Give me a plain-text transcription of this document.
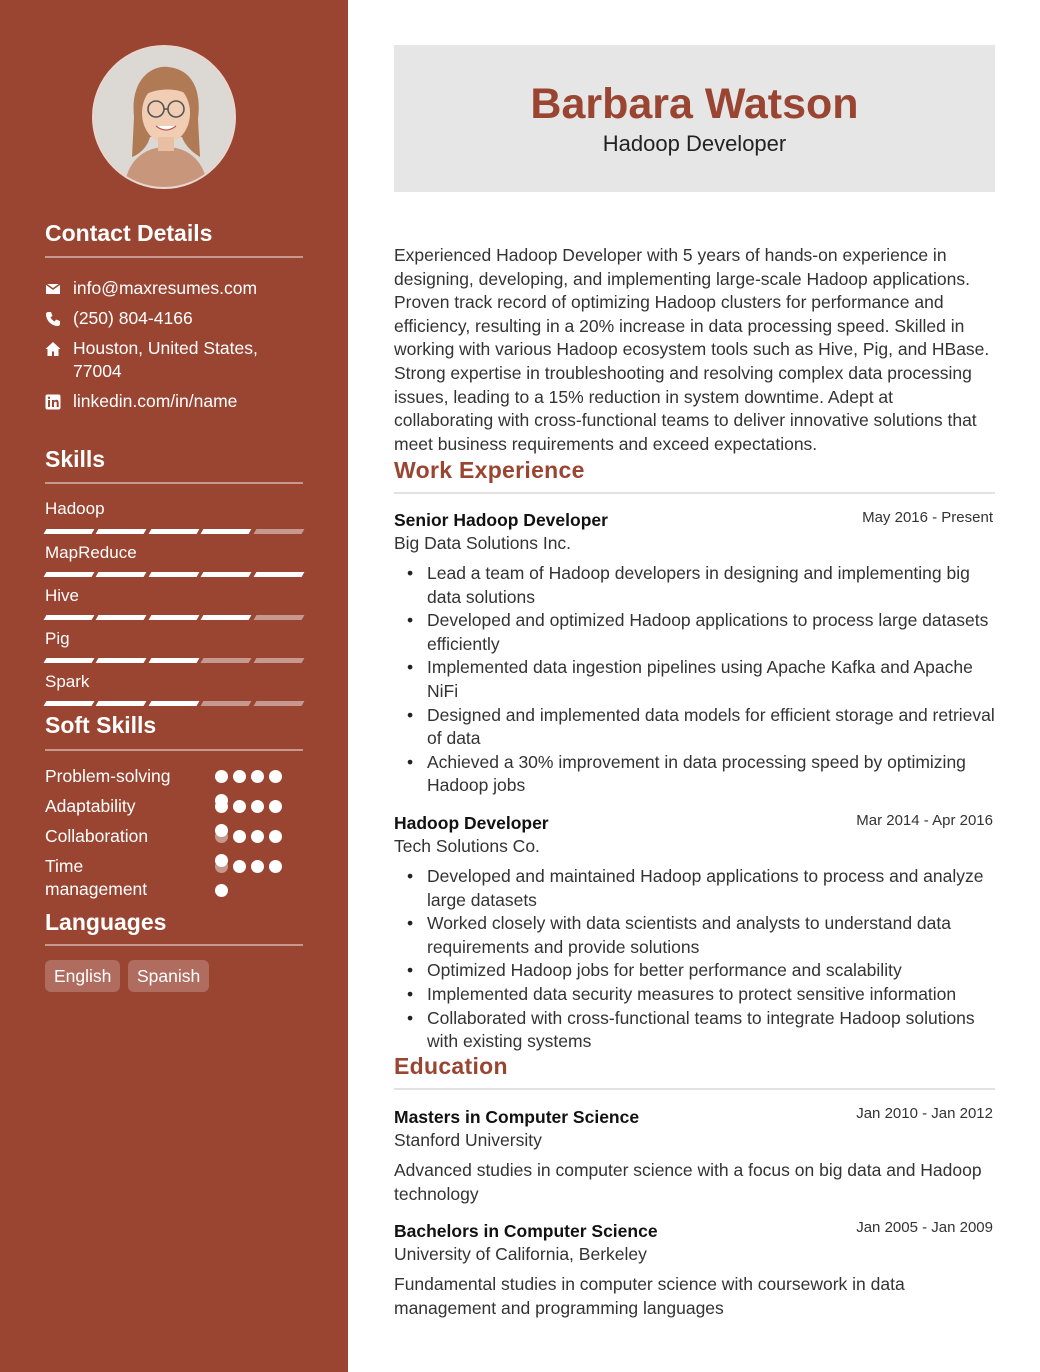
Contact Details
info@maxresumes.com
(250) 804-4166
Houston, United States, 77004
linkedin.com/in/name
Skills
Hadoop
MapReduce
Hive
Pig
Spark
Soft Skills
Problem-solving
Adaptability
Collaboration
Time management
Languages
English	Spanish
Barbara Watson
Hadoop Developer
Experienced Hadoop Developer with 5 years of hands-on experience in designing, developing, and implementing large-scale Hadoop applications. Proven track record of optimizing Hadoop clusters for performance and efficiency, resulting in a 20% increase in data processing speed. Skilled in working with various Hadoop ecosystem tools such as Hive, Pig, and HBase. Strong expertise in troubleshooting and resolving complex data processing issues, leading to a 15% reduction in system downtime. Adept at collaborating with cross-functional teams to deliver innovative solutions that meet business requirements and exceed expectations.
Work Experience
Senior Hadoop Developer	May 2016 - Present
Big Data Solutions Inc.
• Lead a team of Hadoop developers in designing and implementing big data solutions
• Developed and optimized Hadoop applications to process large datasets efficiently
• Implemented data ingestion pipelines using Apache Kafka and Apache NiFi
• Designed and implemented data models for efficient storage and retrieval of data
• Achieved a 30% improvement in data processing speed by optimizing Hadoop jobs
Hadoop Developer	Mar 2014 - Apr 2016
Tech Solutions Co.
• Developed and maintained Hadoop applications to process and analyze large datasets
• Worked closely with data scientists and analysts to understand data requirements and provide solutions
• Optimized Hadoop jobs for better performance and scalability
• Implemented data security measures to protect sensitive information
• Collaborated with cross-functional teams to integrate Hadoop solutions with existing systems
Education
Masters in Computer Science	Jan 2010 - Jan 2012
Stanford University
Advanced studies in computer science with a focus on big data and Hadoop technology
Bachelors in Computer Science	Jan 2005 - Jan 2009
University of California, Berkeley
Fundamental studies in computer science with coursework in data management and programming languages
